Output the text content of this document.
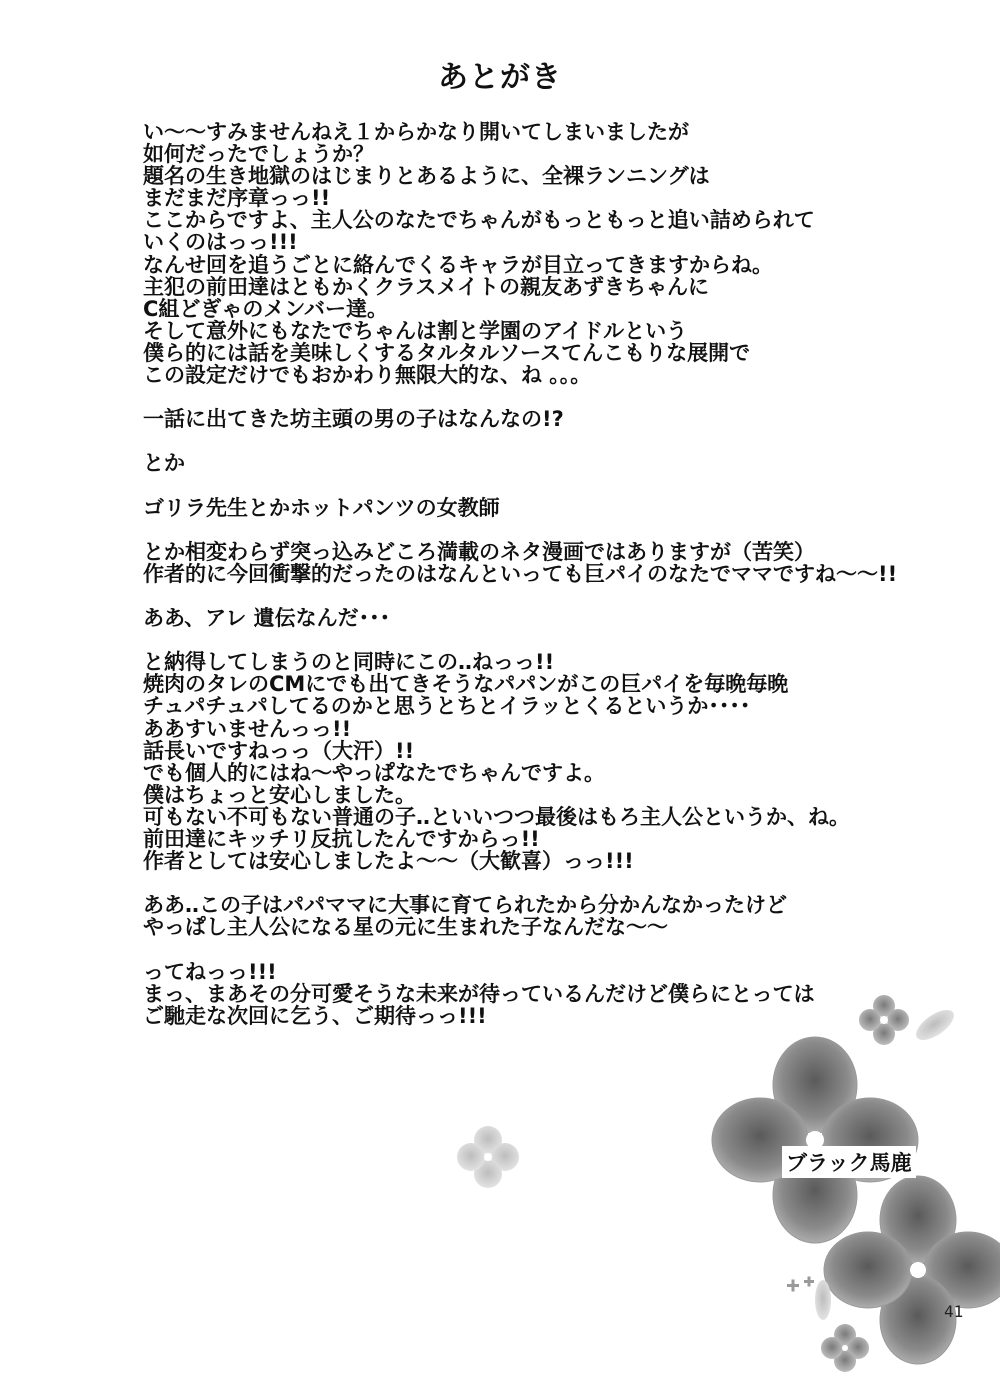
あとがき
い～～すみませんねえ１からかなり開いてしまいましたが
如何だったでしょうか？
題名の生き地獄のはじまりとあるように、全裸ランニングは
まだまだ序章っっ!!
ここからですよ、主人公のなたでちゃんがもっともっと追い詰められて
いくのはっっ!!!
なんせ回を追うごとに絡んでくるキャラが目立ってきますからね。
主犯の前田達はともかくクラスメイトの親友あずきちゃんに
C組どぎゃのメンバー達。
そして意外にもなたでちゃんは割と学園のアイドルという
僕ら的には話を美味しくするタルタルソースてんこもりな展開で
この設定だけでもおかわり無限大的な、ね 。。。
一話に出てきた坊主頭の男の子はなんなの!?
とか
ゴリラ先生とかホットパンツの女教師
とか相変わらず突っ込みどころ満載のネタ漫画ではありますが（苦笑）
作者的に今回衝撃的だったのはなんといっても巨パイのなたでママですね～～!!
ああ、アレ 遺伝なんだ･･･
と納得してしまうのと同時にこの‥ねっっ!!
焼肉のタレのCMにでも出てきそうなパパンがこの巨パイを毎晩毎晩
チュパチュパしてるのかと思うとちとイラッとくるというか････
ああすいませんっっ!!
話長いですねっっ（大汗）!!
でも個人的にはね～やっぱなたでちゃんですよ。
僕はちょっと安心しました。
可もない不可もない普通の子‥といいつつ最後はもろ主人公というか、ね。
前田達にキッチリ反抗したんですからっ!!
作者としては安心しましたよ～～（大歓喜）っっ!!!
ああ‥この子はパパママに大事に育てられたから分かんなかったけど
やっぱし主人公になる星の元に生まれた子なんだな～～
ってねっっ!!!
まっ、まあその分可愛そうな未来が待っているんだけど僕らにとっては
ご馳走な次回に乞う、ご期待っっ!!!
ブラック馬鹿
41
